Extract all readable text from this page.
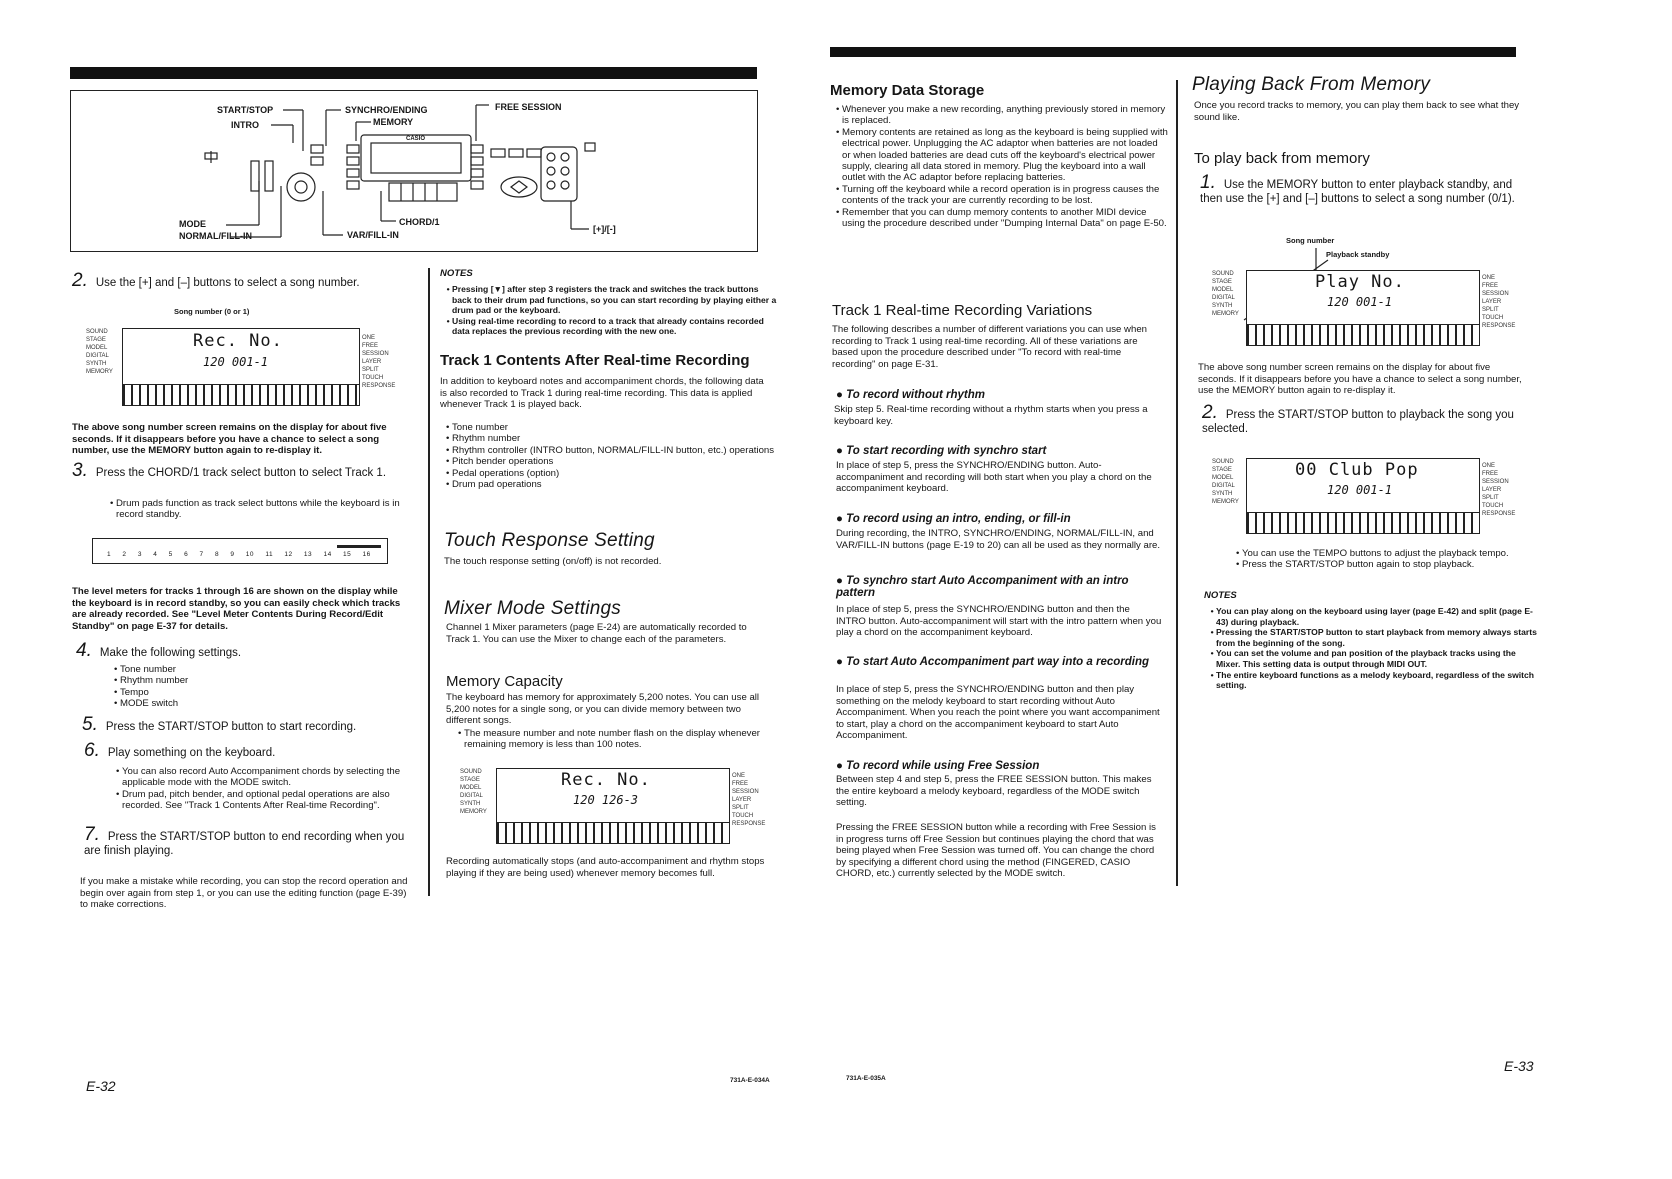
START/STOP
INTRO
SYNCHRO/ENDING
MEMORY
FREE SESSION
MODE
NORMAL/FILL-IN
CHORD/1
VAR/FILL-IN
[+]/[-]
CASIO
2. Use the [+] and [–] buttons to select a song number.
Song number (0 or 1)
SOUND
STAGE
MODEL
DIGITAL
SYNTH
MEMORY
Rec. No.
120 001-1
ONE
FREE SESSION
LAYER
SPLIT
TOUCH RESPONSE
The above song number screen remains on the display for about five seconds. If it disappears before you have a chance to select a song number, use the MEMORY button again to re-display it.
3. Press the CHORD/1 track select button to select Track 1.
• Drum pads function as track select buttons while the keyboard is in record standby.
1 2 3 4 5 6 7 8 9 10 11 12 13 14 15 16
The level meters for tracks 1 through 16 are shown on the display while the keyboard is in record standby, so you can easily check which tracks are already recorded. See "Level Meter Contents During Record/Edit Standby" on page E-37 for details.
4. Make the following settings.
• Tone number
• Rhythm number
• Tempo
• MODE switch
5. Press the START/STOP button to start recording.
6. Play something on the keyboard.
• You can also record Auto Accompaniment chords by selecting the applicable mode with the MODE switch.
• Drum pad, pitch bender, and optional pedal operations are also recorded. See "Track 1 Contents After Real-time Recording".
7. Press the START/STOP button to end recording when you are finish playing.
If you make a mistake while recording, you can stop the record operation and begin over again from step 1, or you can use the editing function (page E-39) to make corrections.
E-32	731A-E-034A
NOTES
• Pressing [▼] after step 3 registers the track and switches the track buttons back to their drum pad functions, so you can start recording by playing either a drum pad or the keyboard.
• Using real-time recording to record to a track that already contains recorded data replaces the previous recording with the new one.
Track 1 Contents After Real-time Recording
In addition to keyboard notes and accompaniment chords, the following data is also recorded to Track 1 during real-time recording. This data is applied whenever Track 1 is played back.
• Tone number
• Rhythm number
• Rhythm controller (INTRO button, NORMAL/FILL-IN button, etc.) operations
• Pitch bender operations
• Pedal operations (option)
• Drum pad operations
Touch Response Setting
The touch response setting (on/off) is not recorded.
Mixer Mode Settings
Channel 1 Mixer parameters (page E-24) are automatically recorded to Track 1. You can use the Mixer to change each of the parameters.
Memory Capacity
The keyboard has memory for approximately 5,200 notes. You can use all 5,200 notes for a single song, or you can divide memory between two different songs.
• The measure number and note number flash on the display whenever remaining memory is less than 100 notes.
SOUND
STAGE
MODEL
DIGITAL
SYNTH
MEMORY
Rec. No.
120 126-3
ONE
FREE SESSION
LAYER
SPLIT
TOUCH RESPONSE
Recording automatically stops (and auto-accompaniment and rhythm stops playing if they are being used) whenever memory becomes full.
Memory Data Storage
• Whenever you make a new recording, anything previously stored in memory is replaced.
• Memory contents are retained as long as the keyboard is being supplied with electrical power. Unplugging the AC adaptor when batteries are not loaded or when loaded batteries are dead cuts off the keyboard's electrical power supply, clearing all data stored in memory. Plug the keyboard into a wall outlet with the AC adaptor before replacing batteries.
• Turning off the keyboard while a record operation is in progress causes the contents of the track your are currently recording to be lost.
• Remember that you can dump memory contents to another MIDI device using the procedure described under "Dumping Internal Data" on page E-50.
Track 1 Real-time Recording Variations
The following describes a number of different variations you can use when recording to Track 1 using real-time recording. All of these variations are based upon the procedure described under "To record with real-time recording" on page E-31.
● To record without rhythm
Skip step 5. Real-time recording without a rhythm starts when you press a keyboard key.
● To start recording with synchro start
In place of step 5, press the SYNCHRO/ENDING button. Auto-accompaniment and recording will both start when you play a chord on the accompaniment keyboard.
● To record using an intro, ending, or fill-in
During recording, the INTRO, SYNCHRO/ENDING, NORMAL/FILL-IN, and VAR/FILL-IN buttons (page E-19 to 20) can all be used as they normally are.
● To synchro start Auto Accompaniment with an intro pattern
In place of step 5, press the SYNCHRO/ENDING button and then the INTRO button. Auto-accompaniment will start with the intro pattern when you play a chord on the accompaniment keyboard.
● To start Auto Accompaniment part way into a recording
In place of step 5, press the SYNCHRO/ENDING button and then play something on the melody keyboard to start recording without Auto Accompaniment. When you reach the point where you want accompaniment to start, play a chord on the accompaniment keyboard to start Auto Accompaniment.
● To record while using Free Session
Between step 4 and step 5, press the FREE SESSION button. This makes the entire keyboard a melody keyboard, regardless of the MODE switch setting.
Pressing the FREE SESSION button while a recording with Free Session is in progress turns off Free Session but continues playing the chord that was being played when Free Session was turned off. You can change the chord by specifying a different chord using the method (FINGERED, CASIO CHORD, etc.) currently selected by the MODE switch.
731A-E-035A
Playing Back From Memory
Once you record tracks to memory, you can play them back to see what they sound like.
To play back from memory
1. Use the MEMORY button to enter playback standby, and then use the [+] and [–] buttons to select a song number (0/1).
Song number
Playback standby
SOUND
STAGE
MODEL
DIGITAL
SYNTH
MEMORY
Play No.
120 001-1
ONE
FREE SESSION
LAYER
SPLIT
TOUCH RESPONSE
The above song number screen remains on the display for about five seconds. If it disappears before you have a chance to select a song number, use the MEMORY button again to re-display it.
2. Press the START/STOP button to playback the song you selected.
SOUND
STAGE
MODEL
DIGITAL
SYNTH
MEMORY
00 Club Pop
120 001-1
ONE
FREE SESSION
LAYER
SPLIT
TOUCH RESPONSE
• You can use the TEMPO buttons to adjust the playback tempo.
• Press the START/STOP button again to stop playback.
NOTES
• You can play along on the keyboard using layer (page E-42) and split (page E-43) during playback.
• Pressing the START/STOP button to start playback from memory always starts from the beginning of the song.
• You can set the volume and pan position of the playback tracks using the Mixer. This setting data is output through MIDI OUT.
• The entire keyboard functions as a melody keyboard, regardless of the switch setting.
E-33
